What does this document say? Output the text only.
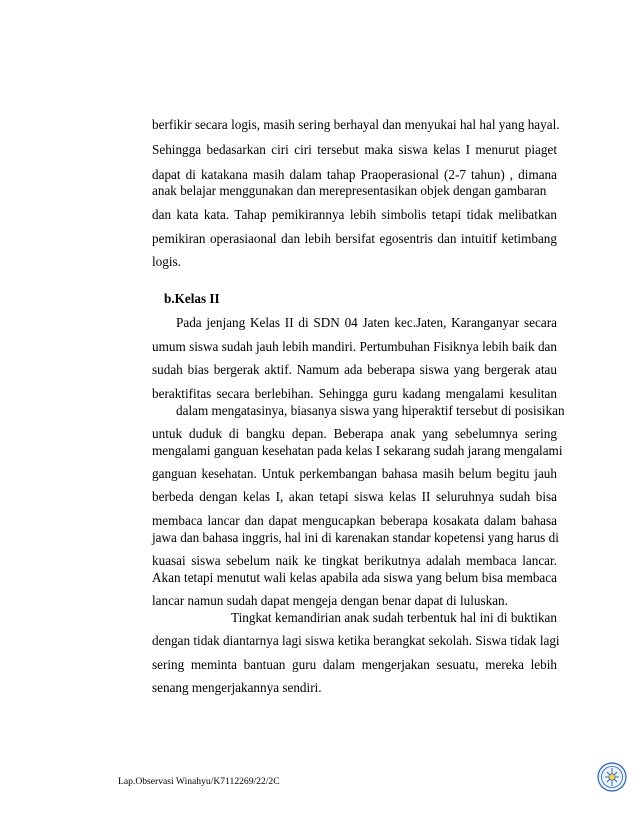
berfikir secara logis, masih sering berhayal dan menyukai hal hal yang hayal.
Sehingga bedasarkan ciri ciri tersebut maka siswa kelas I menurut piaget
dapat di katakana masih dalam tahap Praoperasional (2-7 tahun) , dimana
anak belajar menggunakan dan merepresentasikan objek dengan gambaran
dan kata kata. Tahap pemikirannya lebih simbolis tetapi tidak melibatkan
pemikiran operasiaonal dan lebih bersifat egosentris dan intuitif ketimbang
logis.
b.Kelas II
Pada jenjang Kelas II di SDN 04 Jaten kec.Jaten, Karanganyar secara
umum siswa sudah jauh lebih mandiri. Pertumbuhan Fisiknya lebih baik dan
sudah bias bergerak aktif. Namum ada beberapa siswa yang bergerak atau
beraktifitas secara berlebihan. Sehingga guru kadang mengalami kesulitan
dalam mengatasinya, biasanya siswa yang hiperaktif tersebut di posisikan
untuk duduk di bangku depan. Beberapa anak yang sebelumnya sering
mengalami ganguan kesehatan pada kelas I sekarang sudah jarang mengalami
ganguan kesehatan. Untuk perkembangan bahasa masih belum begitu jauh
berbeda dengan kelas I, akan tetapi siswa kelas II seluruhnya sudah bisa
membaca lancar dan dapat mengucapkan beberapa kosakata dalam bahasa
jawa dan bahasa inggris, hal ini di karenakan standar kopetensi yang harus di
kuasai siswa sebelum naik ke tingkat berikutnya adalah membaca lancar.
Akan tetapi menutut wali kelas apabila ada siswa yang belum bisa membaca
lancar namun sudah dapat mengeja dengan benar dapat di luluskan.
Tingkat kemandirian anak sudah terbentuk hal ini di buktikan
dengan tidak diantarnya lagi siswa ketika berangkat sekolah. Siswa tidak lagi
sering meminta bantuan guru dalam mengerjakan sesuatu, mereka lebih
senang mengerjakannya sendiri.
Lap.Observasi Winahyu/K7112269/22/2C
